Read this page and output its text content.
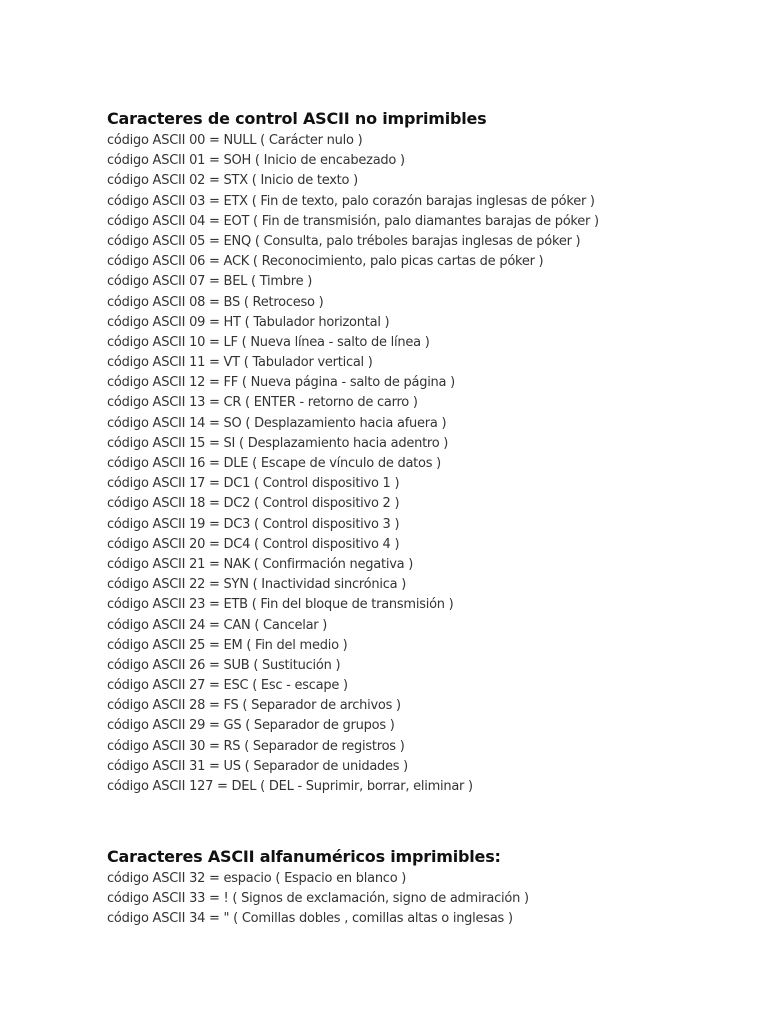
Caracteres de control ASCII no imprimibles
código ASCII 00 = NULL ( Carácter nulo )
código ASCII 01 = SOH ( Inicio de encabezado )
código ASCII 02 = STX ( Inicio de texto )
código ASCII 03 = ETX ( Fin de texto, palo corazón barajas inglesas de póker )
código ASCII 04 = EOT ( Fin de transmisión, palo diamantes barajas de póker )
código ASCII 05 = ENQ ( Consulta, palo tréboles barajas inglesas de póker )
código ASCII 06 = ACK ( Reconocimiento, palo picas cartas de póker )
código ASCII 07 = BEL ( Timbre )
código ASCII 08 = BS ( Retroceso )
código ASCII 09 = HT ( Tabulador horizontal )
código ASCII 10 = LF ( Nueva línea - salto de línea )
código ASCII 11 = VT ( Tabulador vertical )
código ASCII 12 = FF ( Nueva página - salto de página )
código ASCII 13 = CR ( ENTER - retorno de carro )
código ASCII 14 = SO ( Desplazamiento hacia afuera )
código ASCII 15 = SI ( Desplazamiento hacia adentro )
código ASCII 16 = DLE ( Escape de vínculo de datos )
código ASCII 17 = DC1 ( Control dispositivo 1 )
código ASCII 18 = DC2 ( Control dispositivo 2 )
código ASCII 19 = DC3 ( Control dispositivo 3 )
código ASCII 20 = DC4 ( Control dispositivo 4 )
código ASCII 21 = NAK ( Confirmación negativa )
código ASCII 22 = SYN ( Inactividad sincrónica )
código ASCII 23 = ETB ( Fin del bloque de transmisión )
código ASCII 24 = CAN ( Cancelar )
código ASCII 25 = EM ( Fin del medio )
código ASCII 26 = SUB ( Sustitución )
código ASCII 27 = ESC ( Esc - escape )
código ASCII 28 = FS ( Separador de archivos )
código ASCII 29 = GS ( Separador de grupos )
código ASCII 30 = RS ( Separador de registros )
código ASCII 31 = US ( Separador de unidades )
código ASCII 127 = DEL ( DEL - Suprimir, borrar, eliminar )
Caracteres ASCII alfanuméricos imprimibles:
código ASCII 32 = espacio ( Espacio en blanco )
código ASCII 33 = ! ( Signos de exclamación, signo de admiración )
código ASCII 34 = " ( Comillas dobles , comillas altas o inglesas )
